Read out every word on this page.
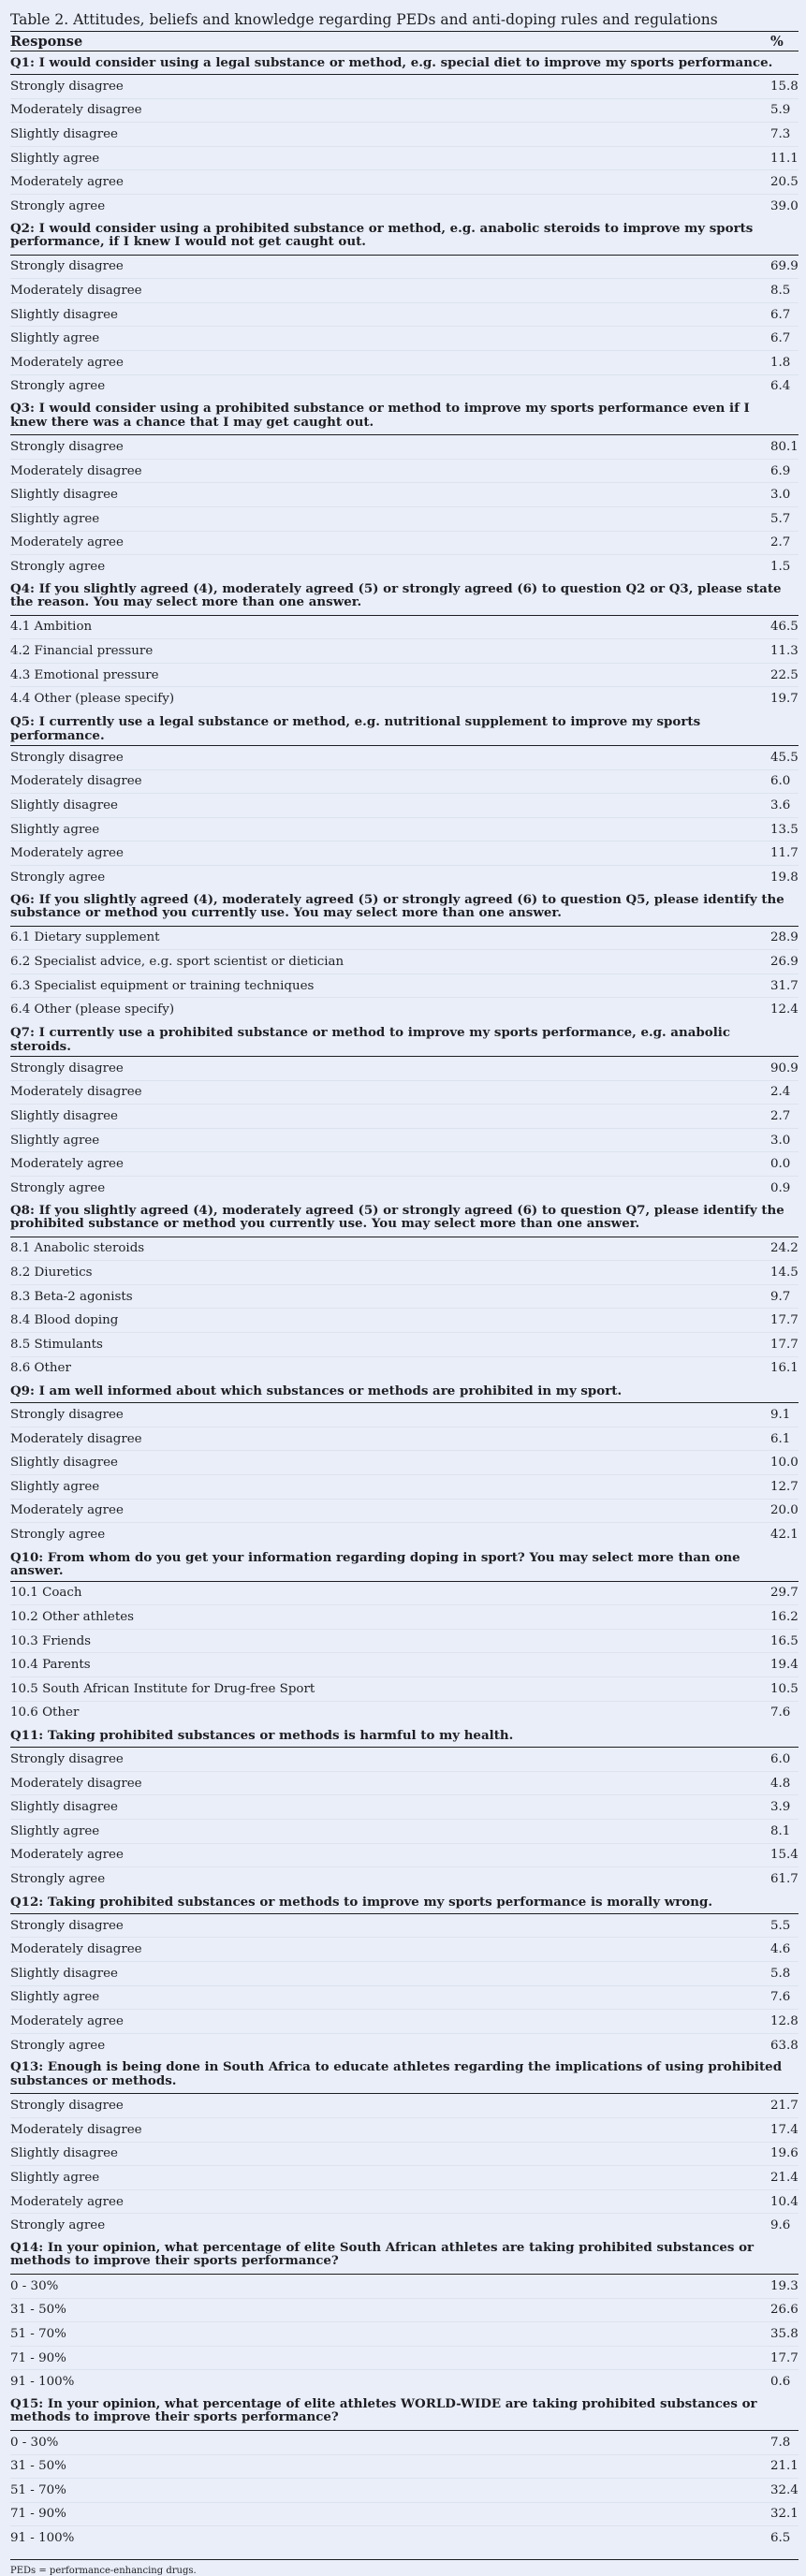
Table 2. Attitudes, beliefs and knowledge regarding PEDs and anti-doping rules and regulations
Response	%
Q1: I would consider using a legal substance or method, e.g. special diet to improve my sports performance.	
Strongly disagree	15.8
Moderately disagree	5.9
Slightly disagree	7.3
Slightly agree	11.1
Moderately agree	20.5
Strongly agree	39.0
Q2: I would consider using a prohibited substance or method, e.g. anabolic steroids to improve my sports performance, if I knew I would not get caught out.	
Strongly disagree	69.9
Moderately disagree	8.5
Slightly disagree	6.7
Slightly agree	6.7
Moderately agree	1.8
Strongly agree	6.4
Q3: I would consider using a prohibited substance or method to improve my sports performance even if I knew there was a chance that I may get caught out.	
Strongly disagree	80.1
Moderately disagree	6.9
Slightly disagree	3.0
Slightly agree	5.7
Moderately agree	2.7
Strongly agree	1.5
Q4: If you slightly agreed (4), moderately agreed (5) or strongly agreed (6) to question Q2 or Q3, please state the reason. You may select more than one answer.	
4.1 Ambition	46.5
4.2 Financial pressure	11.3
4.3 Emotional pressure	22.5
4.4 Other (please specify)	19.7
Q5: I currently use a legal substance or method, e.g. nutritional supplement to improve my sports performance.	
Strongly disagree	45.5
Moderately disagree	6.0
Slightly disagree	3.6
Slightly agree	13.5
Moderately agree	11.7
Strongly agree	19.8
Q6: If you slightly agreed (4), moderately agreed (5) or strongly agreed (6) to question Q5, please identify the substance or method you currently use. You may select more than one answer.	
6.1 Dietary supplement	28.9
6.2 Specialist advice, e.g. sport scientist or dietician	26.9
6.3 Specialist equipment or training techniques	31.7
6.4 Other (please specify)	12.4
Q7: I currently use a prohibited substance or method to improve my sports performance, e.g. anabolic steroids.	
Strongly disagree	90.9
Moderately disagree	2.4
Slightly disagree	2.7
Slightly agree	3.0
Moderately agree	0.0
Strongly agree	0.9
Q8: If you slightly agreed (4), moderately agreed (5) or strongly agreed (6) to question Q7, please identify the prohibited substance or method you currently use. You may select more than one answer.	
8.1 Anabolic steroids	24.2
8.2 Diuretics	14.5
8.3 Beta-2 agonists	9.7
8.4 Blood doping	17.7
8.5 Stimulants	17.7
8.6 Other	16.1
Q9: I am well informed about which substances or methods are prohibited in my sport.	
Strongly disagree	9.1
Moderately disagree	6.1
Slightly disagree	10.0
Slightly agree	12.7
Moderately agree	20.0
Strongly agree	42.1
Q10: From whom do you get your information regarding doping in sport? You may select more than one answer.	
10.1 Coach	29.7
10.2 Other athletes	16.2
10.3 Friends	16.5
10.4 Parents	19.4
10.5 South African Institute for Drug-free Sport	10.5
10.6 Other	7.6
Q11: Taking prohibited substances or methods is harmful to my health.	
Strongly disagree	6.0
Moderately disagree	4.8
Slightly disagree	3.9
Slightly agree	8.1
Moderately agree	15.4
Strongly agree	61.7
Q12: Taking prohibited substances or methods to improve my sports performance is morally wrong.	
Strongly disagree	5.5
Moderately disagree	4.6
Slightly disagree	5.8
Slightly agree	7.6
Moderately agree	12.8
Strongly agree	63.8
Q13: Enough is being done in South Africa to educate athletes regarding the implications of using prohibited substances or methods.	
Strongly disagree	21.7
Moderately disagree	17.4
Slightly disagree	19.6
Slightly agree	21.4
Moderately agree	10.4
Strongly agree	9.6
Q14: In your opinion, what percentage of elite South African athletes are taking prohibited substances or methods to improve their sports performance?	
0 - 30%	19.3
31 - 50%	26.6
51 - 70%	35.8
71 - 90%	17.7
91 - 100%	0.6
Q15: In your opinion, what percentage of elite athletes WORLD-WIDE are taking prohibited substances or methods to improve their sports performance?	
0 - 30%	7.8
31 - 50%	21.1
51 - 70%	32.4
71 - 90%	32.1
91 - 100%	6.5
PEDs = performance-enhancing drugs.
